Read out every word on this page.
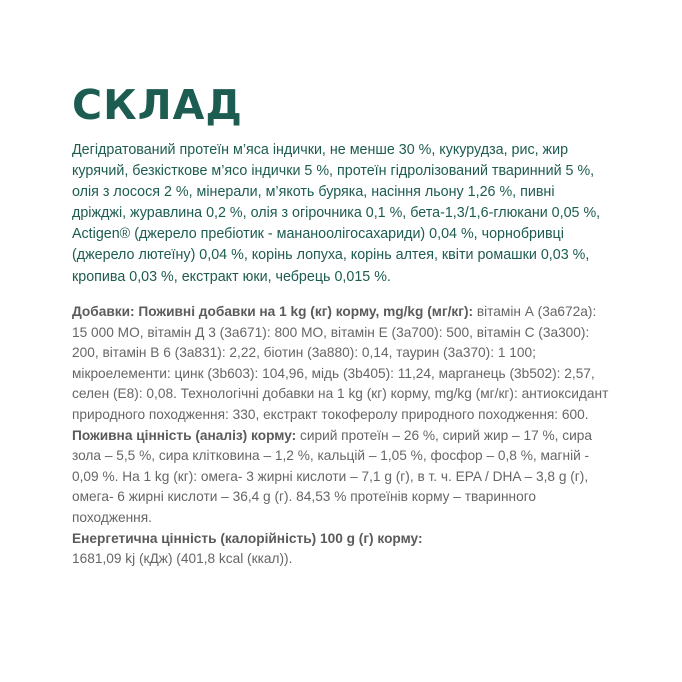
СКЛАД

Дегідратований протеїн м’яса індички, не менше 30 %, кукурудза, рис, жир курячий, безкісткове м’ясо індички 5 %, протеїн гідролізований тваринний 5 %, олія з лосося 2 %, мінерали, м’якоть буряка, насіння льону 1,26 %, пивні дріжджі, журавлина 0,2 %, олія з огірочника 0,1 %, бета-1,3/1,6-глюкани 0,05 %, Actigen® (джерело пребіотик - мананоолігосахариди) 0,04 %, чорнобривці (джерело лютеїну) 0,04 %, корінь лопуха, корінь алтея, квіти ромашки 0,03 %, кропива 0,03 %, екстракт юки, чебрець 0,015 %.

Добавки: Поживні добавки на 1 kg (кг) корму, mg/kg (мг/кг): вітамін А (3а672а): 15 000 МО, вітамін Д 3 (3а671): 800 МО, вітамін Е (3а700): 500, вітамін С (3а300): 200, вітамін В 6 (3а831): 2,22, біотин (3а880): 0,14, таурин (3а370): 1 100; мікроелементи: цинк (3b603): 104,96, мідь (3b405): 11,24, марганець (3b502): 2,57, селен (E8): 0,08. Технологічні добавки на 1 kg (кг) корму, mg/kg (мг/кг): антиоксидант природного походження: 330, екстракт токоферолу природного походження: 600.

Поживна цінність (аналіз) корму: сирий протеїн – 26 %, сирий жир – 17 %, сира зола – 5,5 %, сира клітковина – 1,2 %, кальцій – 1,05 %, фосфор – 0,8 %, магній - 0,09 %. На 1 kg (кг): омега- 3 жирні кислоти – 7,1 g (г), в т. ч. EPA / DHA – 3,8 g (г), омега- 6 жирні кислоти – 36,4 g (г). 84,53 % протеїнів корму – тваринного походження.

Енергетична цінність (калорійність) 100 g (г) корму:
1681,09 kj (кДж) (401,8 kcal (ккал)).
